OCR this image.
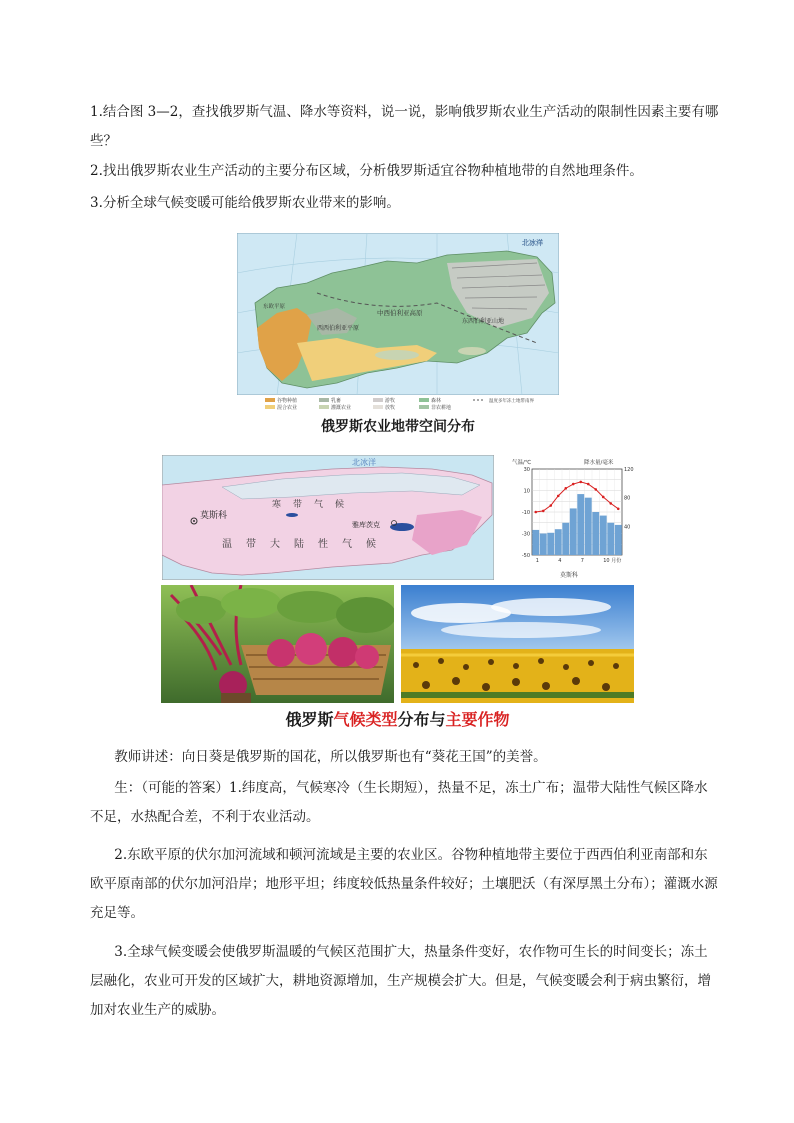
1.结合图 3—2，查找俄罗斯气温、降水等资料，说一说，影响俄罗斯农业生产活动的限制性因素主要有哪些？

2.找出俄罗斯农业生产活动的主要分布区域，分析俄罗斯适宜谷物种植地带的自然地理条件。

3.分析全球气候变暖可能给俄罗斯农业带来的影响。

北冰洋
中西伯利亚高原
西西伯利亚平原
东欧平原
东西伯利亚山地
谷物种植
混合农业
乳畜
灌溉农业
游牧
放牧
森林
非农耕地
温度多年冻土地带南界

俄罗斯农业地带空间分布

莫斯科
雅库茨克
北冰洋
寒带气候
温带大陆性气候
气温/℃	降水量/毫米
30
10
-10
-30
-50
120
80
40
1	4	7	10 月份
莫斯科

俄罗斯气候类型分布与主要作物

教师讲述：向日葵是俄罗斯的国花，所以俄罗斯也有“葵花王国”的美誉。

生：（可能的答案）1.纬度高，气候寒冷（生长期短），热量不足，冻土广布；温带大陆性气候区降水不足，水热配合差，不利于农业活动。

2.东欧平原的伏尔加河流域和顿河流域是主要的农业区。谷物种植地带主要位于西西伯利亚南部和东欧平原南部的伏尔加河沿岸；地形平坦；纬度较低热量条件较好；土壤肥沃（有深厚黑土分布）；灌溉水源充足等。

3.全球气候变暖会使俄罗斯温暖的气候区范围扩大，热量条件变好，农作物可生长的时间变长；冻土层融化，农业可开发的区域扩大，耕地资源增加，生产规模会扩大。但是，气候变暖会利于病虫繁衍，增加对农业生产的威胁。
